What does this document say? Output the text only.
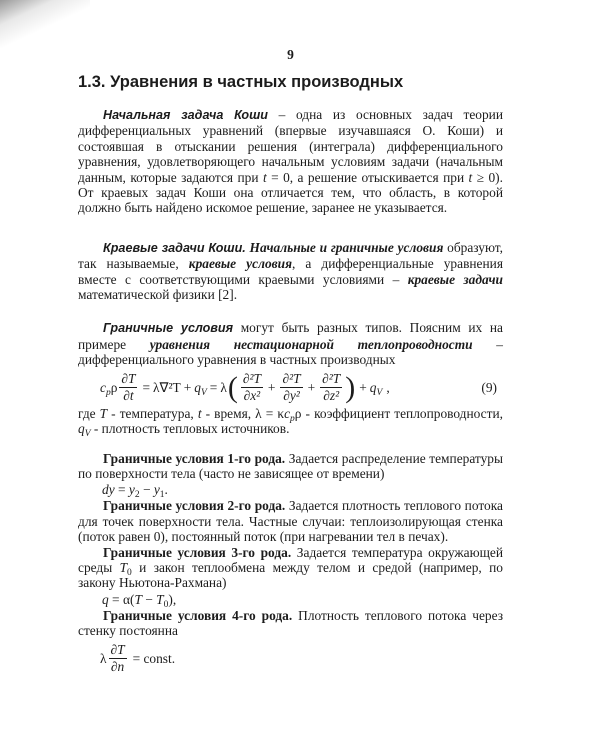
9
1.3. Уравнения в частных производных

Начальная задача Коши – одна из основных задач теории дифференциальных уравнений (впервые изучавшаяся О. Коши) и состоявшая в отыскании решения (интеграла) дифференциального уравнения, удовлетворяющего начальным условиям задачи (начальным данным, которые задаются при t = 0, а решение отыскивается при t ≥ 0). От краевых задач Коши она отличается тем, что область, в которой должно быть найдено искомое решение, заранее не указывается.

Краевые задачи Коши. Начальные и граничные условия образуют, так называемые, краевые условия, а дифференциальные уравнения вместе с соответствующими краевыми условиями – краевые задачи математической физики [2].

Граничные условия могут быть разных типов. Поясним их на примере уравнения нестационарной теплопроводности – дифференциального уравнения в частных производных

$c_p\rho \frac{\partial T}{\partial t} = \lambda\nabla^2T + q_V = \lambda$ ( $\frac{\text{∂²T}}{\text{∂x²}} + \frac{\text{∂²T}}{\text{∂y²}} + \frac{\text{∂²T}}{\text{∂z²}}$ ) + $q_V$ ,	(9)

где T - температура, t - время, $\lambda = \kappa c_p\rho$ - коэффициент теплопроводности, $q_V$ - плотность тепловых источников.

Граничные условия 1-го рода. Задается распределение температуры по поверхности тела (часто не зависящее от времени)

dy = $y_2 - y_1$.

Граничные условия 2-го рода. Задается плотность теплового потока для точек поверхности тела. Частные случаи: теплоизолирующая стенка (поток равен 0), постоянный поток (при нагревании тел в печах).

Граничные условия 3-го рода. Задается температура окружающей среды $T_0$ и закон теплообмена между телом и средой (например, по закону Ньютона-Рахмана)

$q = \alpha(T - T_0)$,

Граничные условия 4-го рода. Плотность теплового потока через стенку постоянна

λ $\frac{\partial T}{\partial n}$ = const.
